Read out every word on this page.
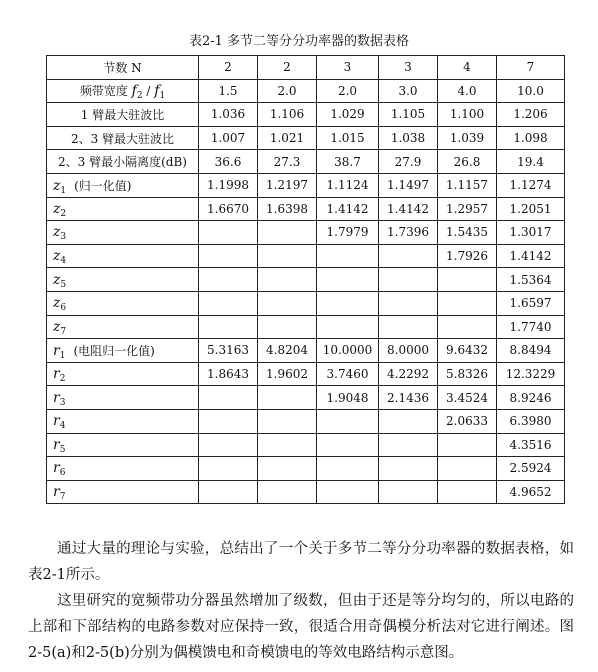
表2-1 多节二等分分功率器的数据表格
节数 N	2	2	3	3	4	7
频带宽度 $f_2 / f_1$	1.5	2.0	2.0	3.0	4.0	10.0
1 臂最大驻波比	1.036	1.106	1.029	1.105	1.100	1.206
2、3 臂最大驻波比	1.007	1.021	1.015	1.038	1.039	1.098
2、3 臂最小隔离度(dB)	36.6	27.3	38.7	27.9	26.8	19.4
$z_1$ (归一化值)	1.1998	1.2197	1.1124	1.1497	1.1157	1.1274
$z_2$	1.6670	1.6398	1.4142	1.4142	1.2957	1.2051
$z_3$			1.7979	1.7396	1.5435	1.3017
$z_4$					1.7926	1.4142
$z_5$						1.5364
$z_6$						1.6597
$z_7$						1.7740
$r_1$ (电阻归一化值)	5.3163	4.8204	10.0000	8.0000	9.6432	8.8494
$r_2$	1.8643	1.9602	3.7460	4.2292	5.8326	12.3229
$r_3$			1.9048	2.1436	3.4524	8.9246
$r_4$					2.0633	6.3980
$r_5$						4.3516
$r_6$						2.5924
$r_7$						4.9652

通过大量的理论与实验，总结出了一个关于多节二等分分功率器的数据表格，如表2-1所示。

这里研究的宽频带功分器虽然增加了级数，但由于还是等分均匀的，所以电路的上部和下部结构的电路参数对应保持一致，很适合用奇偶模分析法对它进行阐述。图2-5(a)和2-5(b)分别为偶模馈电和奇模馈电的等效电路结构示意图。
